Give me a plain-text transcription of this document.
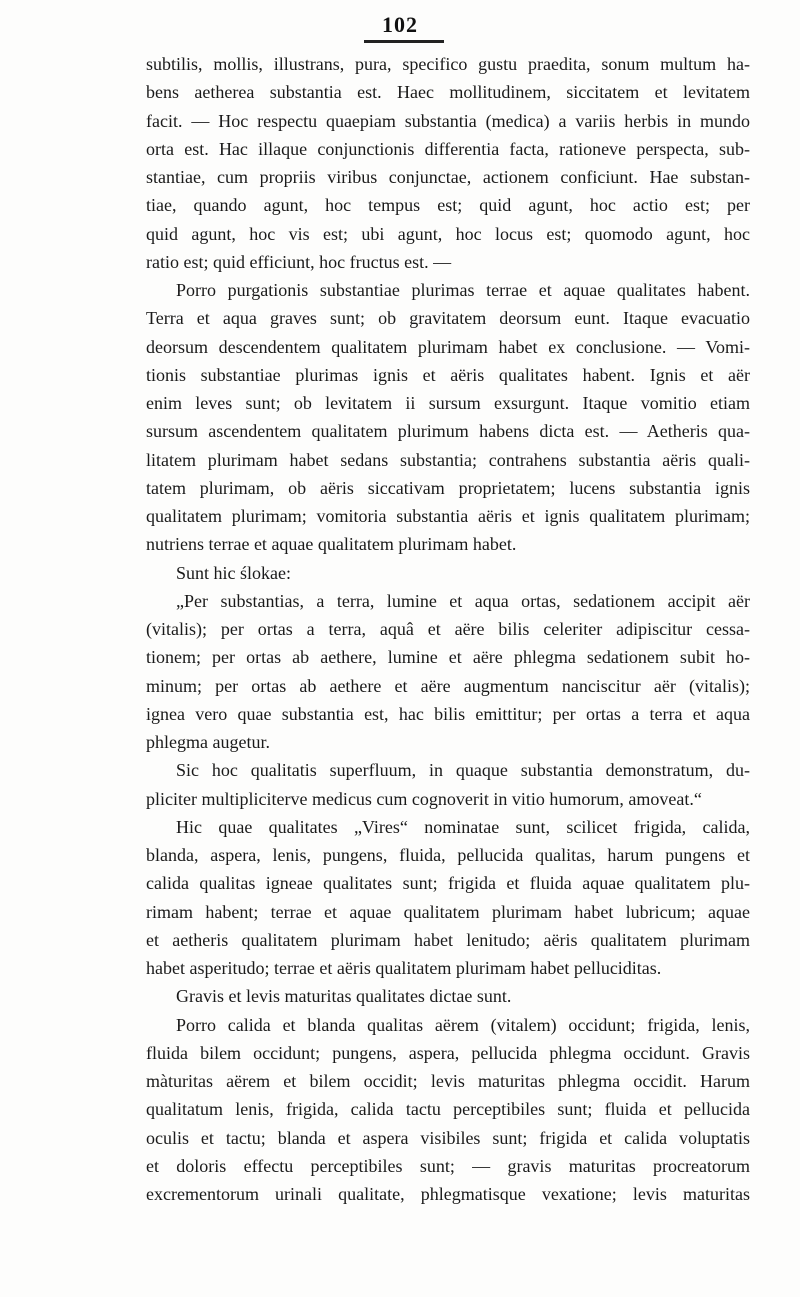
102
subtilis, mollis, illustrans, pura, specifico gustu praedita, sonum multum ha-
bens aetherea substantia est. Haec mollitudinem, siccitatem et levitatem
facit. — Hoc respectu quaepiam substantia (medica) a variis herbis in mundo
orta est. Hac illaque conjunctionis differentia facta, rationeve perspecta, sub-
stantiae, cum propriis viribus conjunctae, actionem conficiunt. Hae substan-
tiae, quando agunt, hoc tempus est; quid agunt, hoc actio est; per
quid agunt, hoc vis est; ubi agunt, hoc locus est; quomodo agunt, hoc
ratio est; quid efficiunt, hoc fructus est. —
Porro purgationis substantiae plurimas terrae et aquae qualitates habent.
Terra et aqua graves sunt; ob gravitatem deorsum eunt. Itaque evacuatio
deorsum descendentem qualitatem plurimam habet ex conclusione. — Vomi-
tionis substantiae plurimas ignis et aëris qualitates habent. Ignis et aër
enim leves sunt; ob levitatem ii sursum exsurgunt. Itaque vomitio etiam
sursum ascendentem qualitatem plurimum habens dicta est. — Aetheris qua-
litatem plurimam habet sedans substantia; contrahens substantia aëris quali-
tatem plurimam, ob aëris siccativam proprietatem; lucens substantia ignis
qualitatem plurimam; vomitoria substantia aëris et ignis qualitatem plurimam;
nutriens terrae et aquae qualitatem plurimam habet.
Sunt hic ślokae:
„Per substantias, a terra, lumine et aqua ortas, sedationem accipit aër
(vitalis); per ortas a terra, aquâ et aëre bilis celeriter adipiscitur cessa-
tionem; per ortas ab aethere, lumine et aëre phlegma sedationem subit ho-
minum; per ortas ab aethere et aëre augmentum nanciscitur aër (vitalis);
ignea vero quae substantia est, hac bilis emittitur; per ortas a terra et aqua
phlegma augetur.
Sic hoc qualitatis superfluum, in quaque substantia demonstratum, du-
pliciter multipliciterve medicus cum cognoverit in vitio humorum, amoveat.“
Hic quae qualitates „Vires“ nominatae sunt, scilicet frigida, calida,
blanda, aspera, lenis, pungens, fluida, pellucida qualitas, harum pungens et
calida qualitas igneae qualitates sunt; frigida et fluida aquae qualitatem plu-
rimam habent; terrae et aquae qualitatem plurimam habet lubricum; aquae
et aetheris qualitatem plurimam habet lenitudo; aëris qualitatem plurimam
habet asperitudo; terrae et aëris qualitatem plurimam habet pelluciditas.
Gravis et levis maturitas qualitates dictae sunt.
Porro calida et blanda qualitas aërem (vitalem) occidunt; frigida, lenis,
fluida bilem occidunt; pungens, aspera, pellucida phlegma occidunt. Gravis
màturitas aërem et bilem occidit; levis maturitas phlegma occidit. Harum
qualitatum lenis, frigida, calida tactu perceptibiles sunt; fluida et pellucida
oculis et tactu; blanda et aspera visibiles sunt; frigida et calida voluptatis
et doloris effectu perceptibiles sunt; — gravis maturitas procreatorum
excrementorum urinali qualitate, phlegmatisque vexatione; levis maturitas
